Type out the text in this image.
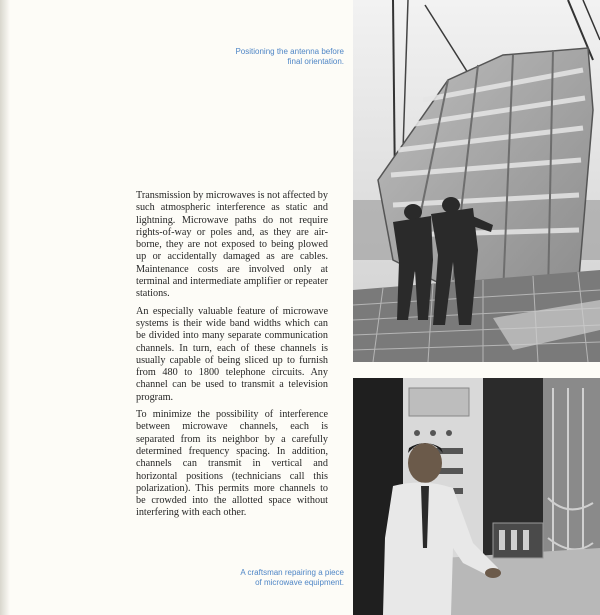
Positioning the antenna before
final orientation.

Transmission by microwaves is not affected by such atmospheric interference as static and lightning. Microwave paths do not require rights-of-way or poles and, as they are air-borne, they are not exposed to being plowed up or accidentally damaged as are cables. Maintenance costs are involved only at terminal and intermediate amplifier or repeater stations.

An especially valuable feature of microwave systems is their wide band widths which can be divided into many separate communication channels. In turn, each of these channels is usually capable of being sliced up to furnish from 480 to 1800 telephone circuits. Any channel can be used to transmit a television program.

To minimize the possibility of interference between microwave channels, each is separated from its neighbor by a carefully determined frequency spacing. In addition, channels can transmit in vertical and horizontal positions (technicians call this polarization). This permits more channels to be crowded into the allotted space without interfering with each other.

A craftsman repairing a piece
of microwave equipment.
